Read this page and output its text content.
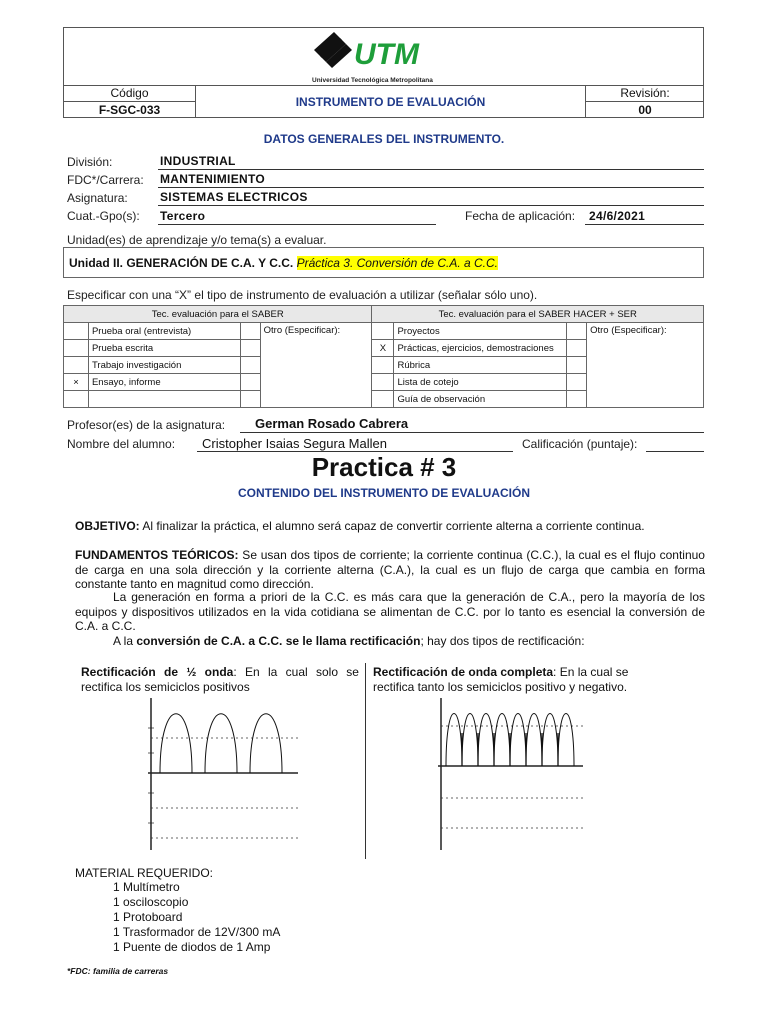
UTM
Universidad Tecnológica Metropolitana
Código
F-SGC-033
INSTRUMENTO DE EVALUACIÓN
Revisión:
00
DATOS GENERALES DEL INSTRUMENTO.
División:	INDUSTRIAL
FDC*/Carrera: MANTENIMIENTO
Asignatura:	SISTEMAS ELECTRICOS
Cuat.-Gpo(s): Tercero	Fecha de aplicación: 24/6/2021
Unidad(es) de aprendizaje y/o tema(s) a evaluar.
Unidad II. GENERACIÓN DE C.A. Y C.C. Práctica 3. Conversión de C.A. a C.C.
Especificar con una “X” el tipo de instrumento de evaluación a utilizar (señalar sólo uno).
Tec. evaluación para el SABER				Tec. evaluación para el SABER HACER + SER			
	Prueba oral (entrevista)		Otro (Especificar):		Proyectos		Otro (Especificar):
	Prueba escrita			X	Prácticas, ejercicios, demostraciones		
	Trabajo investigación				Rúbrica		
×	Ensayo, informe				Lista de cotejo		
					Guía de observación		
Profesor(es) de la asignatura: German Rosado Cabrera
Nombre del alumno: Cristopher Isaias Segura Mallen	Calificación (puntaje):
Practica # 3
CONTENIDO DEL INSTRUMENTO DE EVALUACIÓN
OBJETIVO: Al finalizar la práctica, el alumno será capaz de convertir corriente alterna a corriente continua.
FUNDAMENTOS TEÓRICOS: Se usan dos tipos de corriente; la corriente continua (C.C.), la cual es el flujo continuo de carga en una sola dirección y la corriente alterna (C.A.), la cual es un flujo de carga que cambia en forma constante tanto en magnitud como dirección.
La generación en forma a priori de la C.C. es más cara que la generación de C.A., pero la mayoría de los equipos y dispositivos utilizados en la vida cotidiana se alimentan de C.C. por lo tanto es esencial la conversión de C.A. a C.C.
A la conversión de C.A. a C.C. se le llama rectificación; hay dos tipos de rectificación:
Rectificación de ½ onda: En la cual solo se rectifica los semiciclos positivos
Rectificación de onda completa: En la cual se rectifica tanto los semiciclos positivo y negativo.
MATERIAL REQUERIDO:
1 Multímetro
1 osciloscopio
1 Protoboard
1 Trasformador de 12V/300 mA
1 Puente de diodos de 1 Amp
*FDC: familia de carreras
